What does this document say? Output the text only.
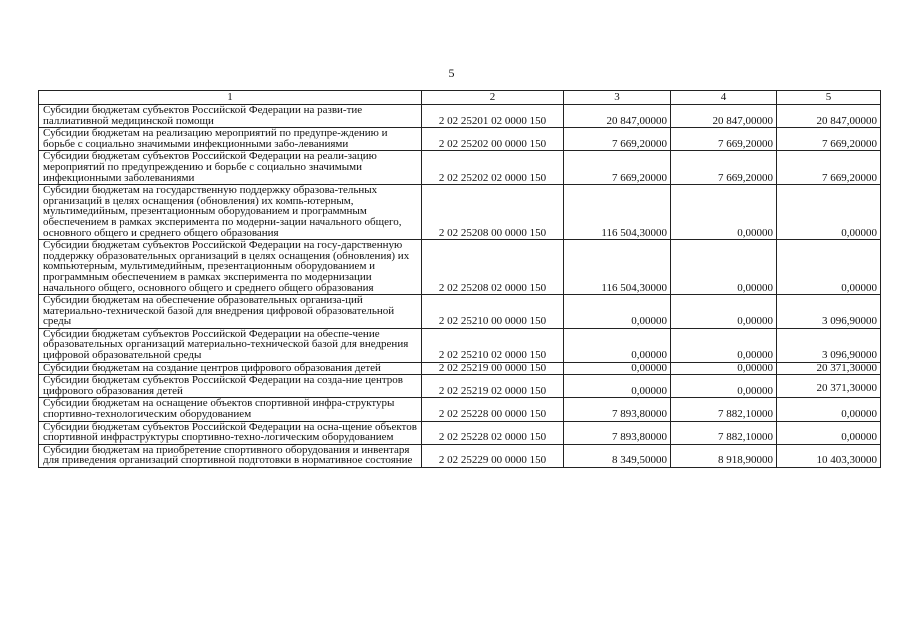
5
1	2	3	4	5
Субсидии бюджетам субъектов Российской Федерации на разви-тие паллиативной медицинской помощи	2 02 25201 02 0000 150	20 847,00000	20 847,00000	20 847,00000
Субсидии бюджетам на реализацию мероприятий по предупре-ждению и борьбе с социально значимыми инфекционными забо-леваниями	2 02 25202 00 0000 150	7 669,20000	7 669,20000	7 669,20000
Субсидии бюджетам субъектов Российской Федерации на реали-зацию мероприятий по предупреждению и борьбе с социально значимыми инфекционными заболеваниями	2 02 25202 02 0000 150	7 669,20000	7 669,20000	7 669,20000
Субсидии бюджетам на государственную поддержку образова-тельных организаций в целях оснащения (обновления) их компь-ютерным, мультимедийным, презентационным оборудованием и программным обеспечением в рамках эксперимента по модерни-зации начального общего, основного общего и среднего общего образования	2 02 25208 00 0000 150	116 504,30000	0,00000	0,00000
Субсидии бюджетам субъектов Российской Федерации на госу-дарственную поддержку образовательных организаций в целях оснащения (обновления) их компьютерным, мультимедийным, презентационным оборудованием и программным обеспечением в рамках эксперимента по модернизации начального общего, основного общего и среднего общего образования	2 02 25208 02 0000 150	116 504,30000	0,00000	0,00000
Субсидии бюджетам на обеспечение образовательных организа-ций материально-технической базой для внедрения цифровой образовательной среды	2 02 25210 00 0000 150	0,00000	0,00000	3 096,90000
Субсидии бюджетам субъектов Российской Федерации на обеспе-чение образовательных организаций материально-технической базой для внедрения цифровой образовательной среды	2 02 25210 02 0000 150	0,00000	0,00000	3 096,90000
Субсидии бюджетам на создание центров цифрового образования детей	2 02 25219 00 0000 150	0,00000	0,00000	20 371,30000
Субсидии бюджетам субъектов Российской Федерации на созда-ние центров цифрового образования детей	2 02 25219 02 0000 150	0,00000	0,00000	20 371,30000
Субсидии бюджетам на оснащение объектов спортивной инфра-структуры спортивно-технологическим оборудованием	2 02 25228 00 0000 150	7 893,80000	7 882,10000	0,00000
Субсидии бюджетам субъектов Российской Федерации на осна-щение объектов спортивной инфраструктуры спортивно-техно-логическим оборудованием	2 02 25228 02 0000 150	7 893,80000	7 882,10000	0,00000
Субсидии бюджетам на приобретение спортивного оборудования и инвентаря для приведения организаций спортивной подготовки в нормативное состояние	2 02 25229 00 0000 150	8 349,50000	8 918,90000	10 403,30000
